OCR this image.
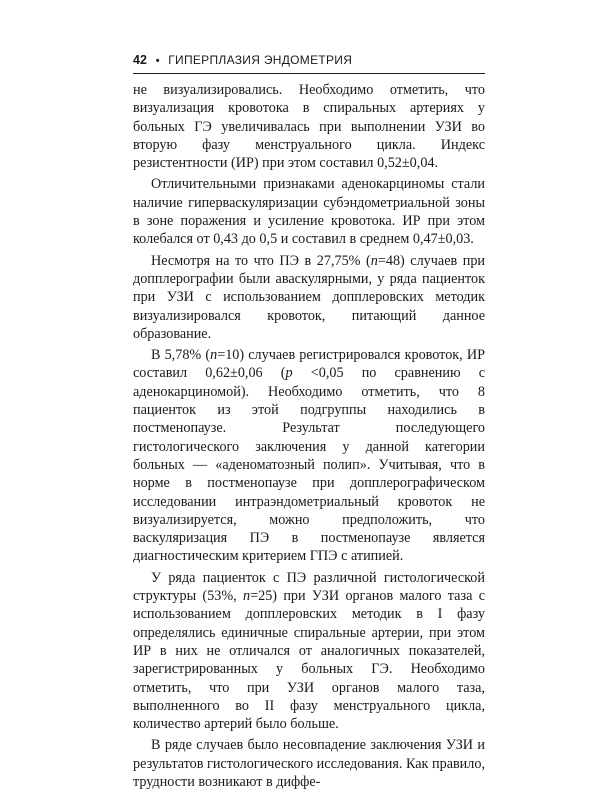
42 • ГИПЕРПЛАЗИЯ ЭНДОМЕТРИЯ

не визуализировались. Необходимо отметить, что визуализация кровотока в спиральных артериях у больных ГЭ увеличивалась при выполнении УЗИ во вторую фазу менструального цикла. Индекс резистентности (ИР) при этом составил 0,52±0,04.

Отличительными признаками аденокарциномы стали наличие гиперваскуляризации субэндометриальной зоны в зоне поражения и усиление кровотока. ИР при этом колебался от 0,43 до 0,5 и составил в среднем 0,47±0,03.

Несмотря на то что ПЭ в 27,75% (n=48) случаев при допплерографии были аваскулярными, у ряда пациенток при УЗИ с использованием допплеровских методик визуализировался кровоток, питающий данное образование.

В 5,78% (n=10) случаев регистрировался кровоток, ИР составил 0,62±0,06 (р <0,05 по сравнению с аденокарциномой). Необходимо отметить, что 8 пациенток из этой подгруппы находились в постменопаузе. Результат последующего гистологического заключения у данной категории больных — «аденоматозный полип». Учитывая, что в норме в постменопаузе при допплерографическом исследовании интраэндометриальный кровоток не визуализируется, можно предположить, что васкуляризация ПЭ в постменопаузе является диагностическим критерием ГПЭ с атипией.

У ряда пациенток с ПЭ различной гистологической структуры (53%, n=25) при УЗИ органов малого таза с использованием допплеровских методик в I фазу определялись единичные спиральные артерии, при этом ИР в них не отличался от аналогичных показателей, зарегистрированных у больных ГЭ. Необходимо отметить, что при УЗИ органов малого таза, выполненного во II фазу менструального цикла, количество артерий было больше.

В ряде случаев было несовпадение заключения УЗИ и результатов гистологического исследования. Как правило, трудности возникают в диффе-
